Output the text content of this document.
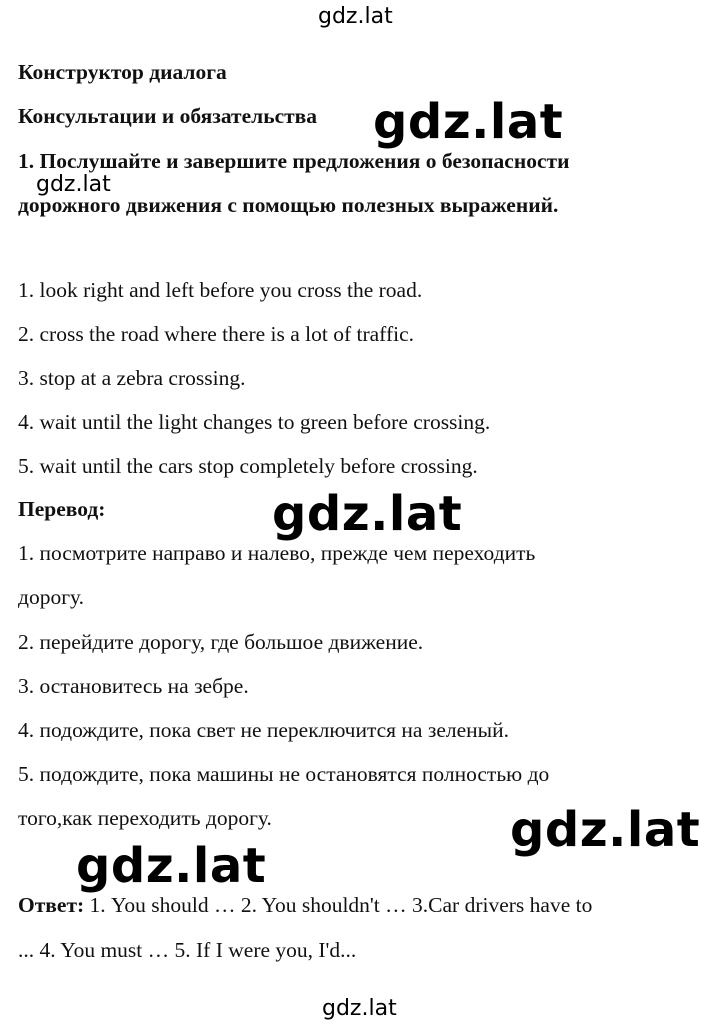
gdz.lat
Конструктор диалога
Консультации и обязательства gdz.lat
1. Послушайте и завершите предложения о безопасности
gdz.lat
дорожного движения с помощью полезных выражений.
1. look right and left before you cross the road.
2. cross the road where there is a lot of traffic.
3. stop at a zebra crossing.
4. wait until the light changes to green before crossing.
5. wait until the cars stop completely before crossing.
Перевод:	gdz.lat
1. посмотрите направо и налево, прежде чем переходить
дорогу.
2. перейдите дорогу, где большое движение.
3. остановитесь на зебре.
4. подождите, пока свет не переключится на зеленый.
5. подождите, пока машины не остановятся полностью до
того,как переходить дорогу.	gdz.lat
gdz.lat
Ответ: 1. You should … 2. You shouldn't … 3.Car drivers have to
... 4. You must … 5. If I were you, I'd...
gdz.lat
